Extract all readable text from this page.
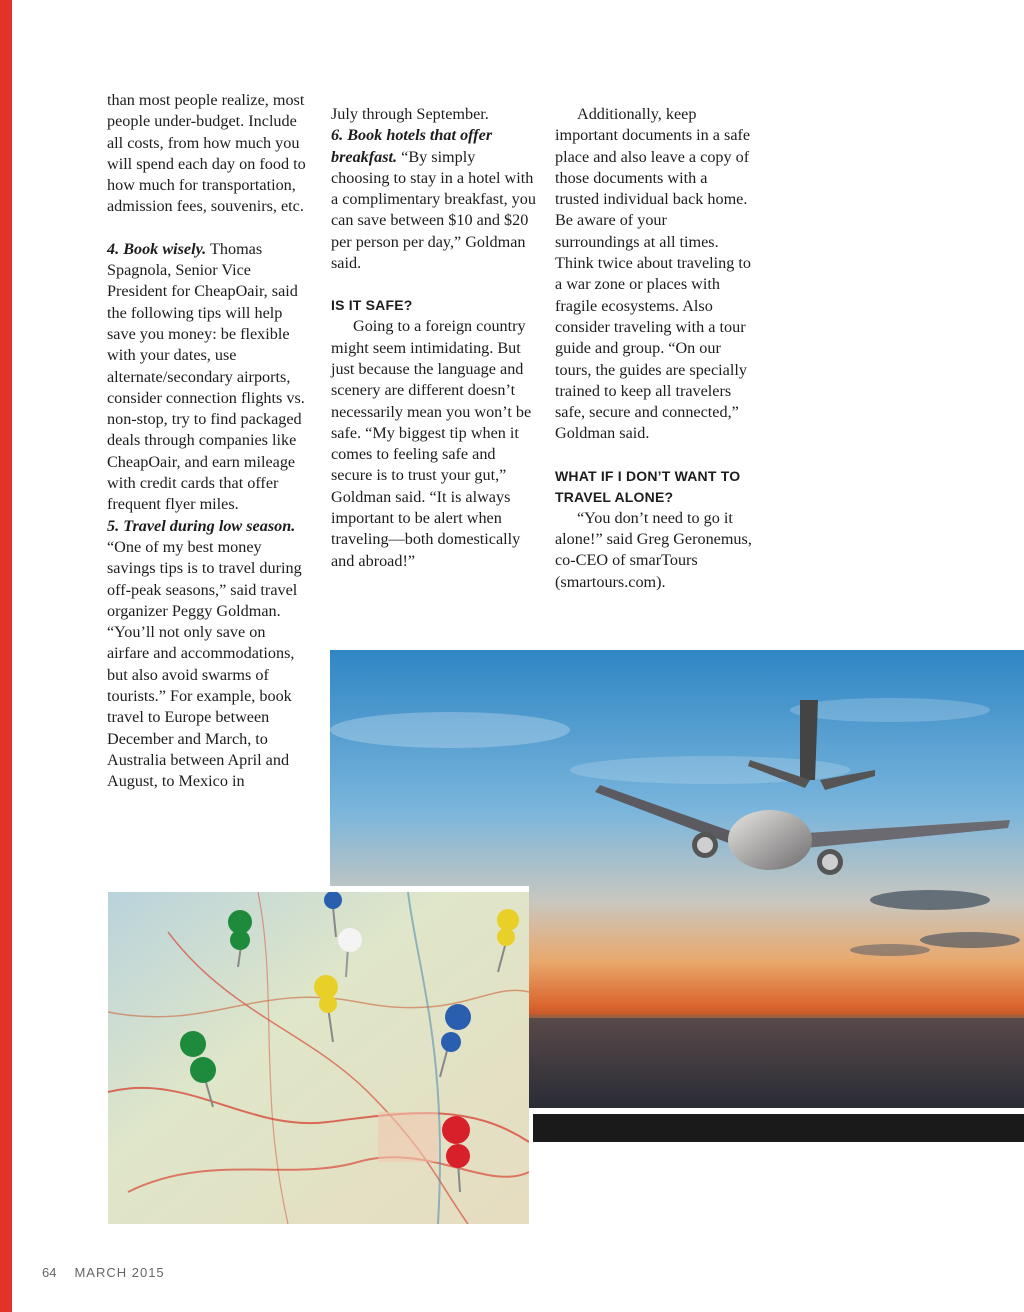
than most people realize, most people under-budget. Include all costs, from how much you will spend each day on food to how much for transportation, admission fees, souvenirs, etc.

4. Book wisely. Thomas Spagnola, Senior Vice President for CheapOair, said the following tips will help save you money: be flexible with your dates, use alternate/secondary airports, consider connection flights vs. non-stop, try to find packaged deals through companies like CheapOair, and earn mileage with credit cards that offer frequent flyer miles.

5. Travel during low season. “One of my best money savings tips is to travel during off-peak seasons,” said travel organizer Peggy Goldman. “You’ll not only save on airfare and accommodations, but also avoid swarms of tourists.” For example, book travel to Europe between December and March, to Australia between April and August, to Mexico in

July through September.

6. Book hotels that offer breakfast. “By simply choosing to stay in a hotel with a complimentary breakfast, you can save between $10 and $20 per person per day,” Goldman said.

IS IT SAFE?

Going to a foreign country might seem intimidating. But just because the language and scenery are different doesn’t necessarily mean you won’t be safe. “My biggest tip when it comes to feeling safe and secure is to trust your gut,” Goldman said. “It is always important to be alert when traveling—both domestically and abroad!”

Additionally, keep important documents in a safe place and also leave a copy of those documents with a trusted individual back home. Be aware of your surroundings at all times. Think twice about traveling to a war zone or places with fragile ecosystems. Also consider traveling with a tour guide and group. “On our tours, the guides are specially trained to keep all travelers safe, secure and connected,” Goldman said.

WHAT IF I DON’T WANT TO TRAVEL ALONE?

“You don’t need to go it alone!” said Greg Geronemus, co-CEO of smarTours (smartours.com).

64 MARCH 2015
